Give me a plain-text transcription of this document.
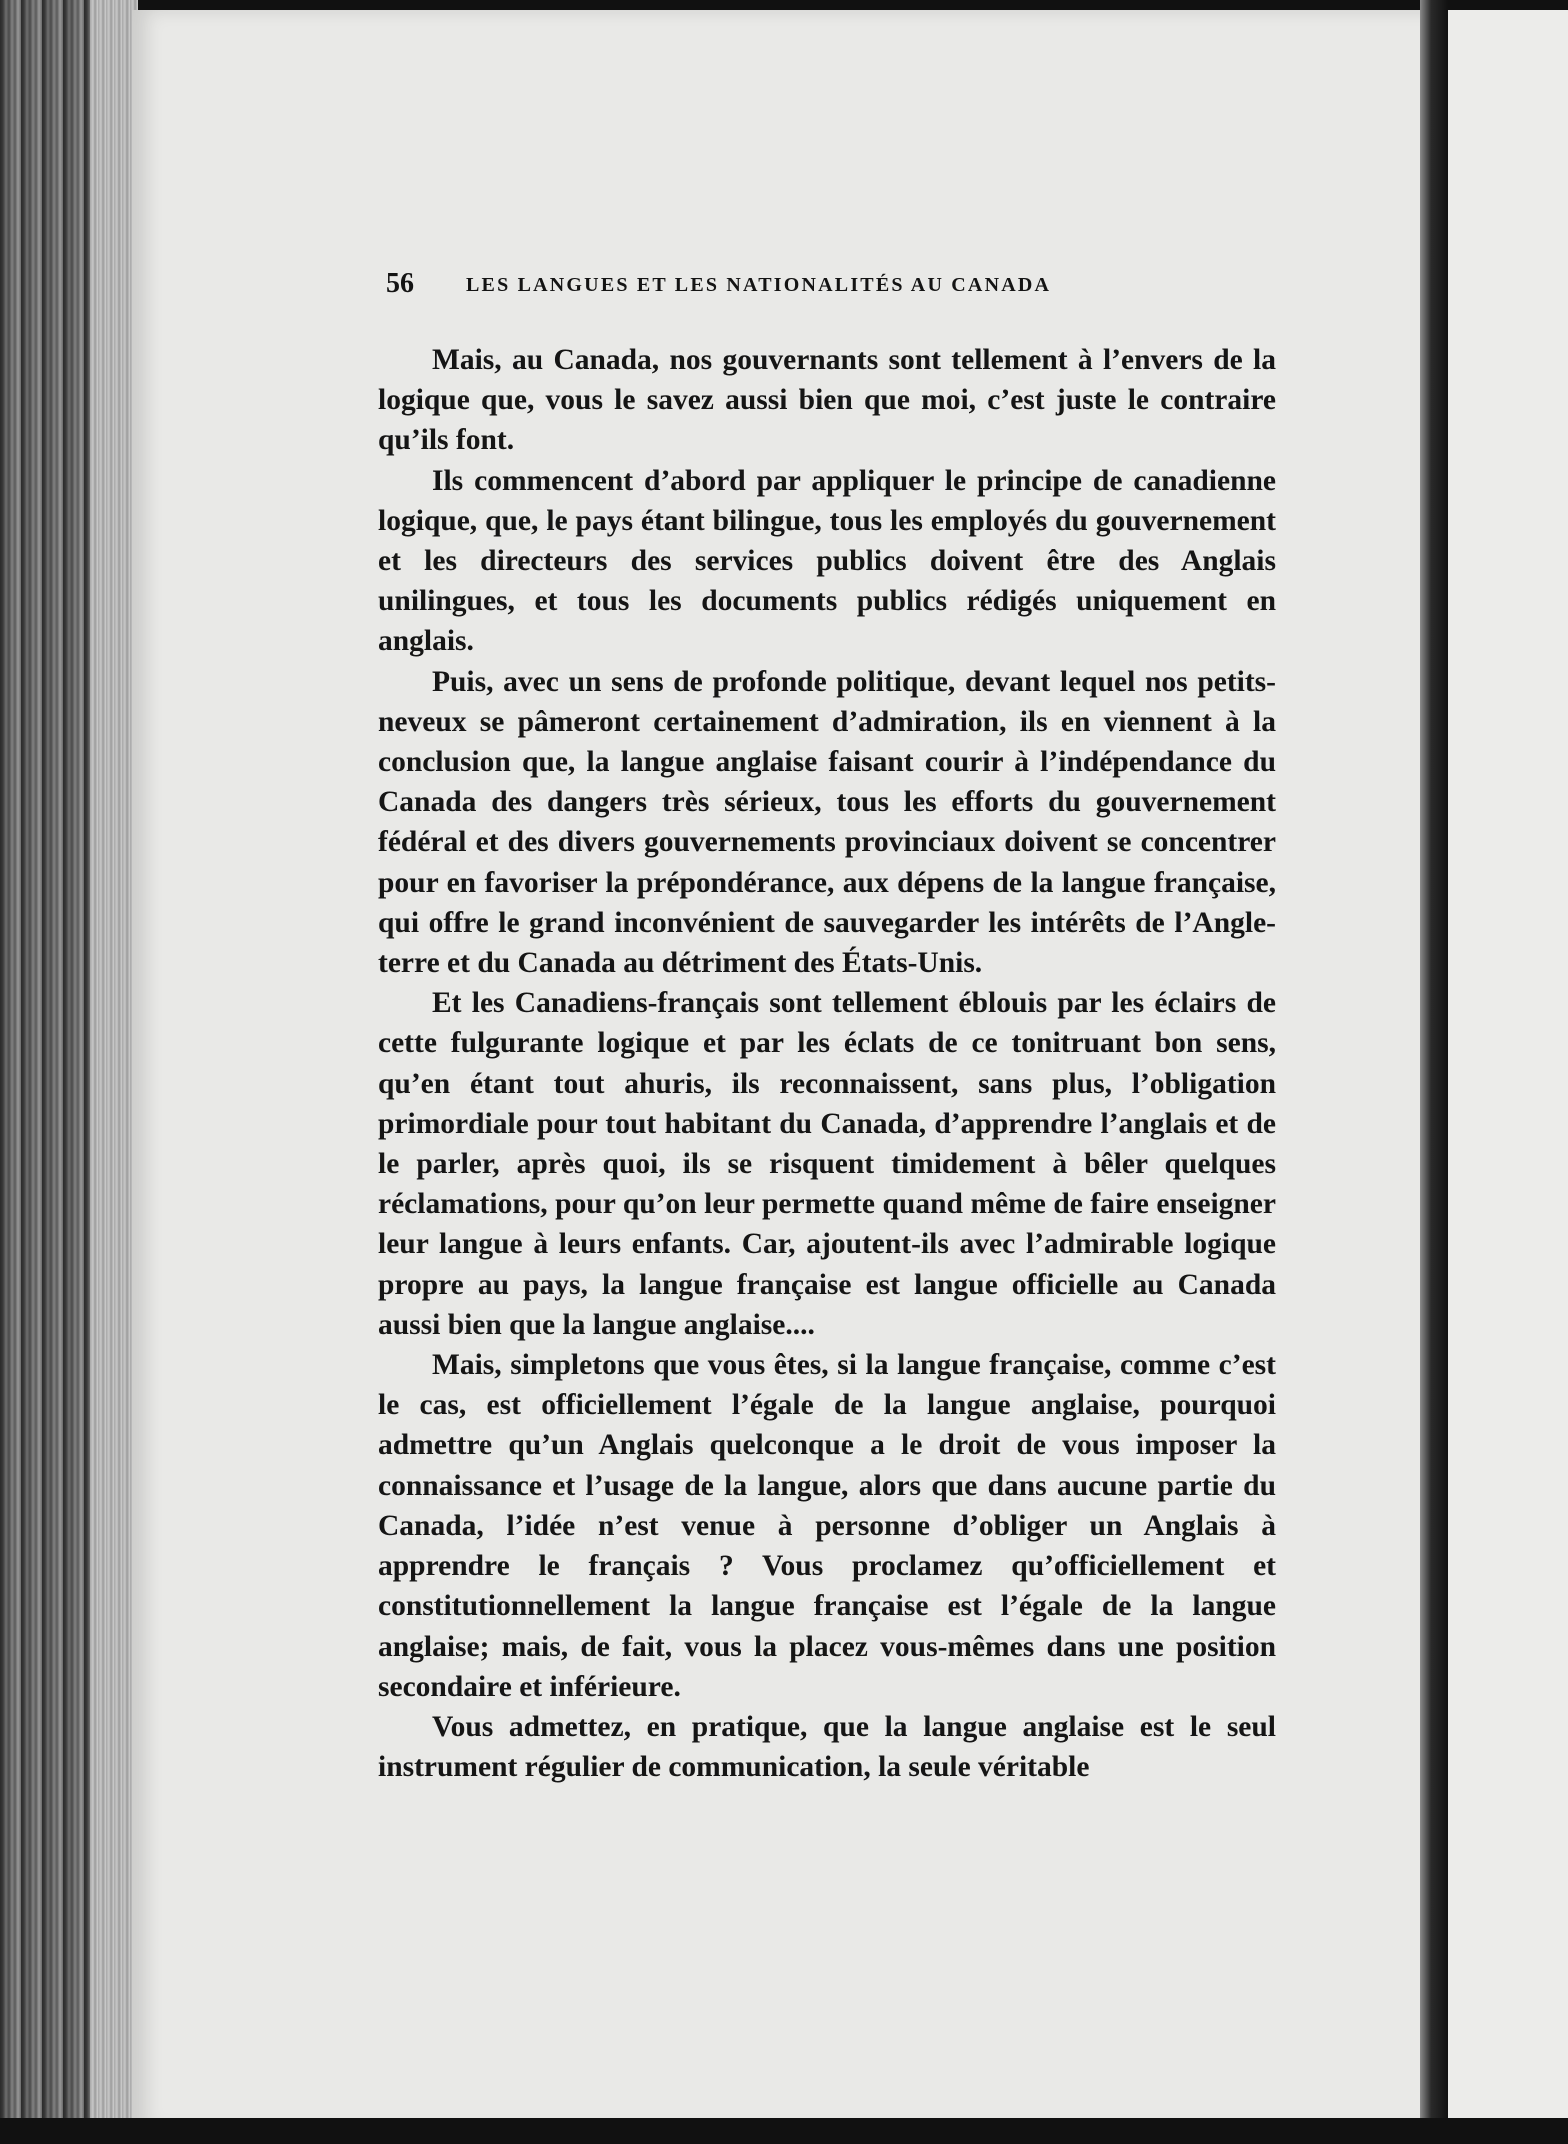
56	LES LANGUES ET LES NATIONALITÉS AU CANADA

Mais, au Canada, nos gouvernants sont tellement à l’envers de la logique que, vous le savez aussi bien que moi, c’est juste le contraire qu’ils font.

Ils commencent d’abord par appliquer le principe de canadienne logique, que, le pays étant bilingue, tous les employés du gouvernement et les directeurs des services publics doivent être des Anglais unilingues, et tous les documents publics rédigés uniquement en anglais.

Puis, avec un sens de profonde politique, devant lequel nos petits-neveux se pâmeront certainement d’admiration, ils en viennent à la conclusion que, la langue anglaise faisant courir à l’indépendance du Canada des dangers très sérieux, tous les efforts du gouvernement fédéral et des divers gouvernements provinciaux doivent se concentrer pour en favoriser la prépondérance, aux dépens de la langue française, qui offre le grand inconvénient de sauvegarder les intérêts de l’Angleterre et du Canada au détriment des États-Unis.

Et les Canadiens-français sont tellement éblouis par les éclairs de cette fulgurante logique et par les éclats de ce tonitruant bon sens, qu’en étant tout ahuris, ils reconnaissent, sans plus, l’obligation primordiale pour tout habitant du Canada, d’apprendre l’anglais et de le parler, après quoi, ils se risquent timidement à bêler quelques réclamations, pour qu’on leur permette quand même de faire enseigner leur langue à leurs enfants. Car, ajoutent-ils avec l’admirable logique propre au pays, la langue française est langue officielle au Canada aussi bien que la langue anglaise....

Mais, simpletons que vous êtes, si la langue française, comme c’est le cas, est officiellement l’égale de la langue anglaise, pourquoi admettre qu’un Anglais quelconque a le droit de vous imposer la connaissance et l’usage de la langue, alors que dans aucune partie du Canada, l’idée n’est venue à personne d’obliger un Anglais à apprendre le français ? Vous proclamez qu’officiellement et constitutionnellement la langue française est l’égale de la langue anglaise; mais, de fait, vous la placez vous-mêmes dans une position secondaire et inférieure.

Vous admettez, en pratique, que la langue anglaise est le seul instrument régulier de communication, la seule véritable
